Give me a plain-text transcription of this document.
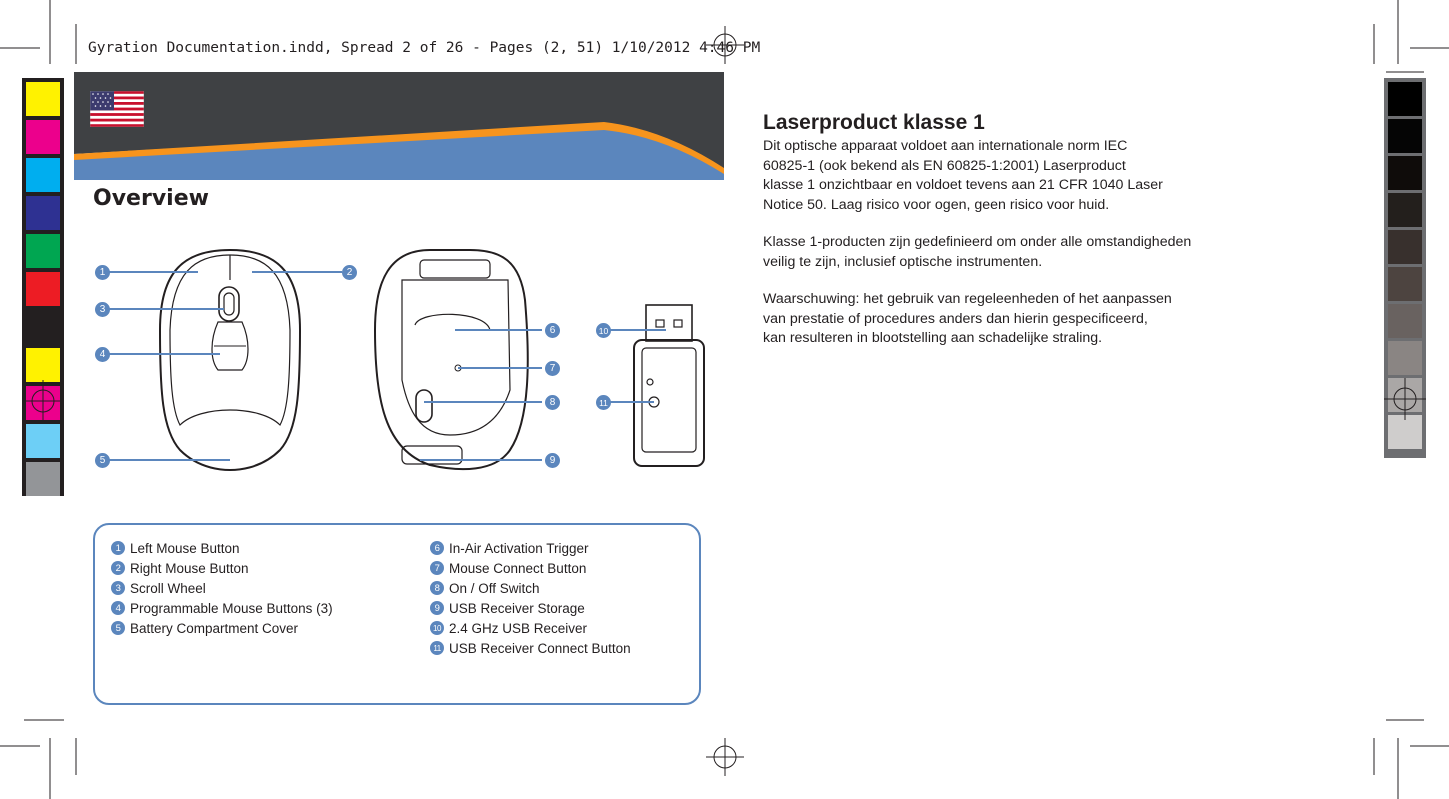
Gyration Documentation.indd, Spread 2 of 26 - Pages (2, 51) 1/10/2012 4:46 PM
Overview
1	2
3
4
5
6
7
8
9
10
11
1 Left Mouse Button
2 Right Mouse Button
3 Scroll Wheel
4 Programmable Mouse Buttons (3)
5 Battery Compartment Cover
6 In-Air Activation Trigger
7 Mouse Connect Button
8 On / Off Switch
9 USB Receiver Storage
10 2.4 GHz USB Receiver
11 USB Receiver Connect Button
Laserproduct klasse 1

Dit optische apparaat voldoet aan internationale norm IEC
60825-1 (ook bekend als EN 60825-1:2001) Laserproduct
klasse 1 onzichtbaar en voldoet tevens aan 21 CFR 1040 Laser
Notice 50. Laag risico voor ogen, geen risico voor huid.

Klasse 1-producten zijn gedefinieerd om onder alle omstandigheden
veilig te zijn, inclusief optische instrumenten.

Waarschuwing: het gebruik van regeleenheden of het aanpassen
van prestatie of procedures anders dan hierin gespecificeerd,
kan resulteren in blootstelling aan schadelijke straling.
